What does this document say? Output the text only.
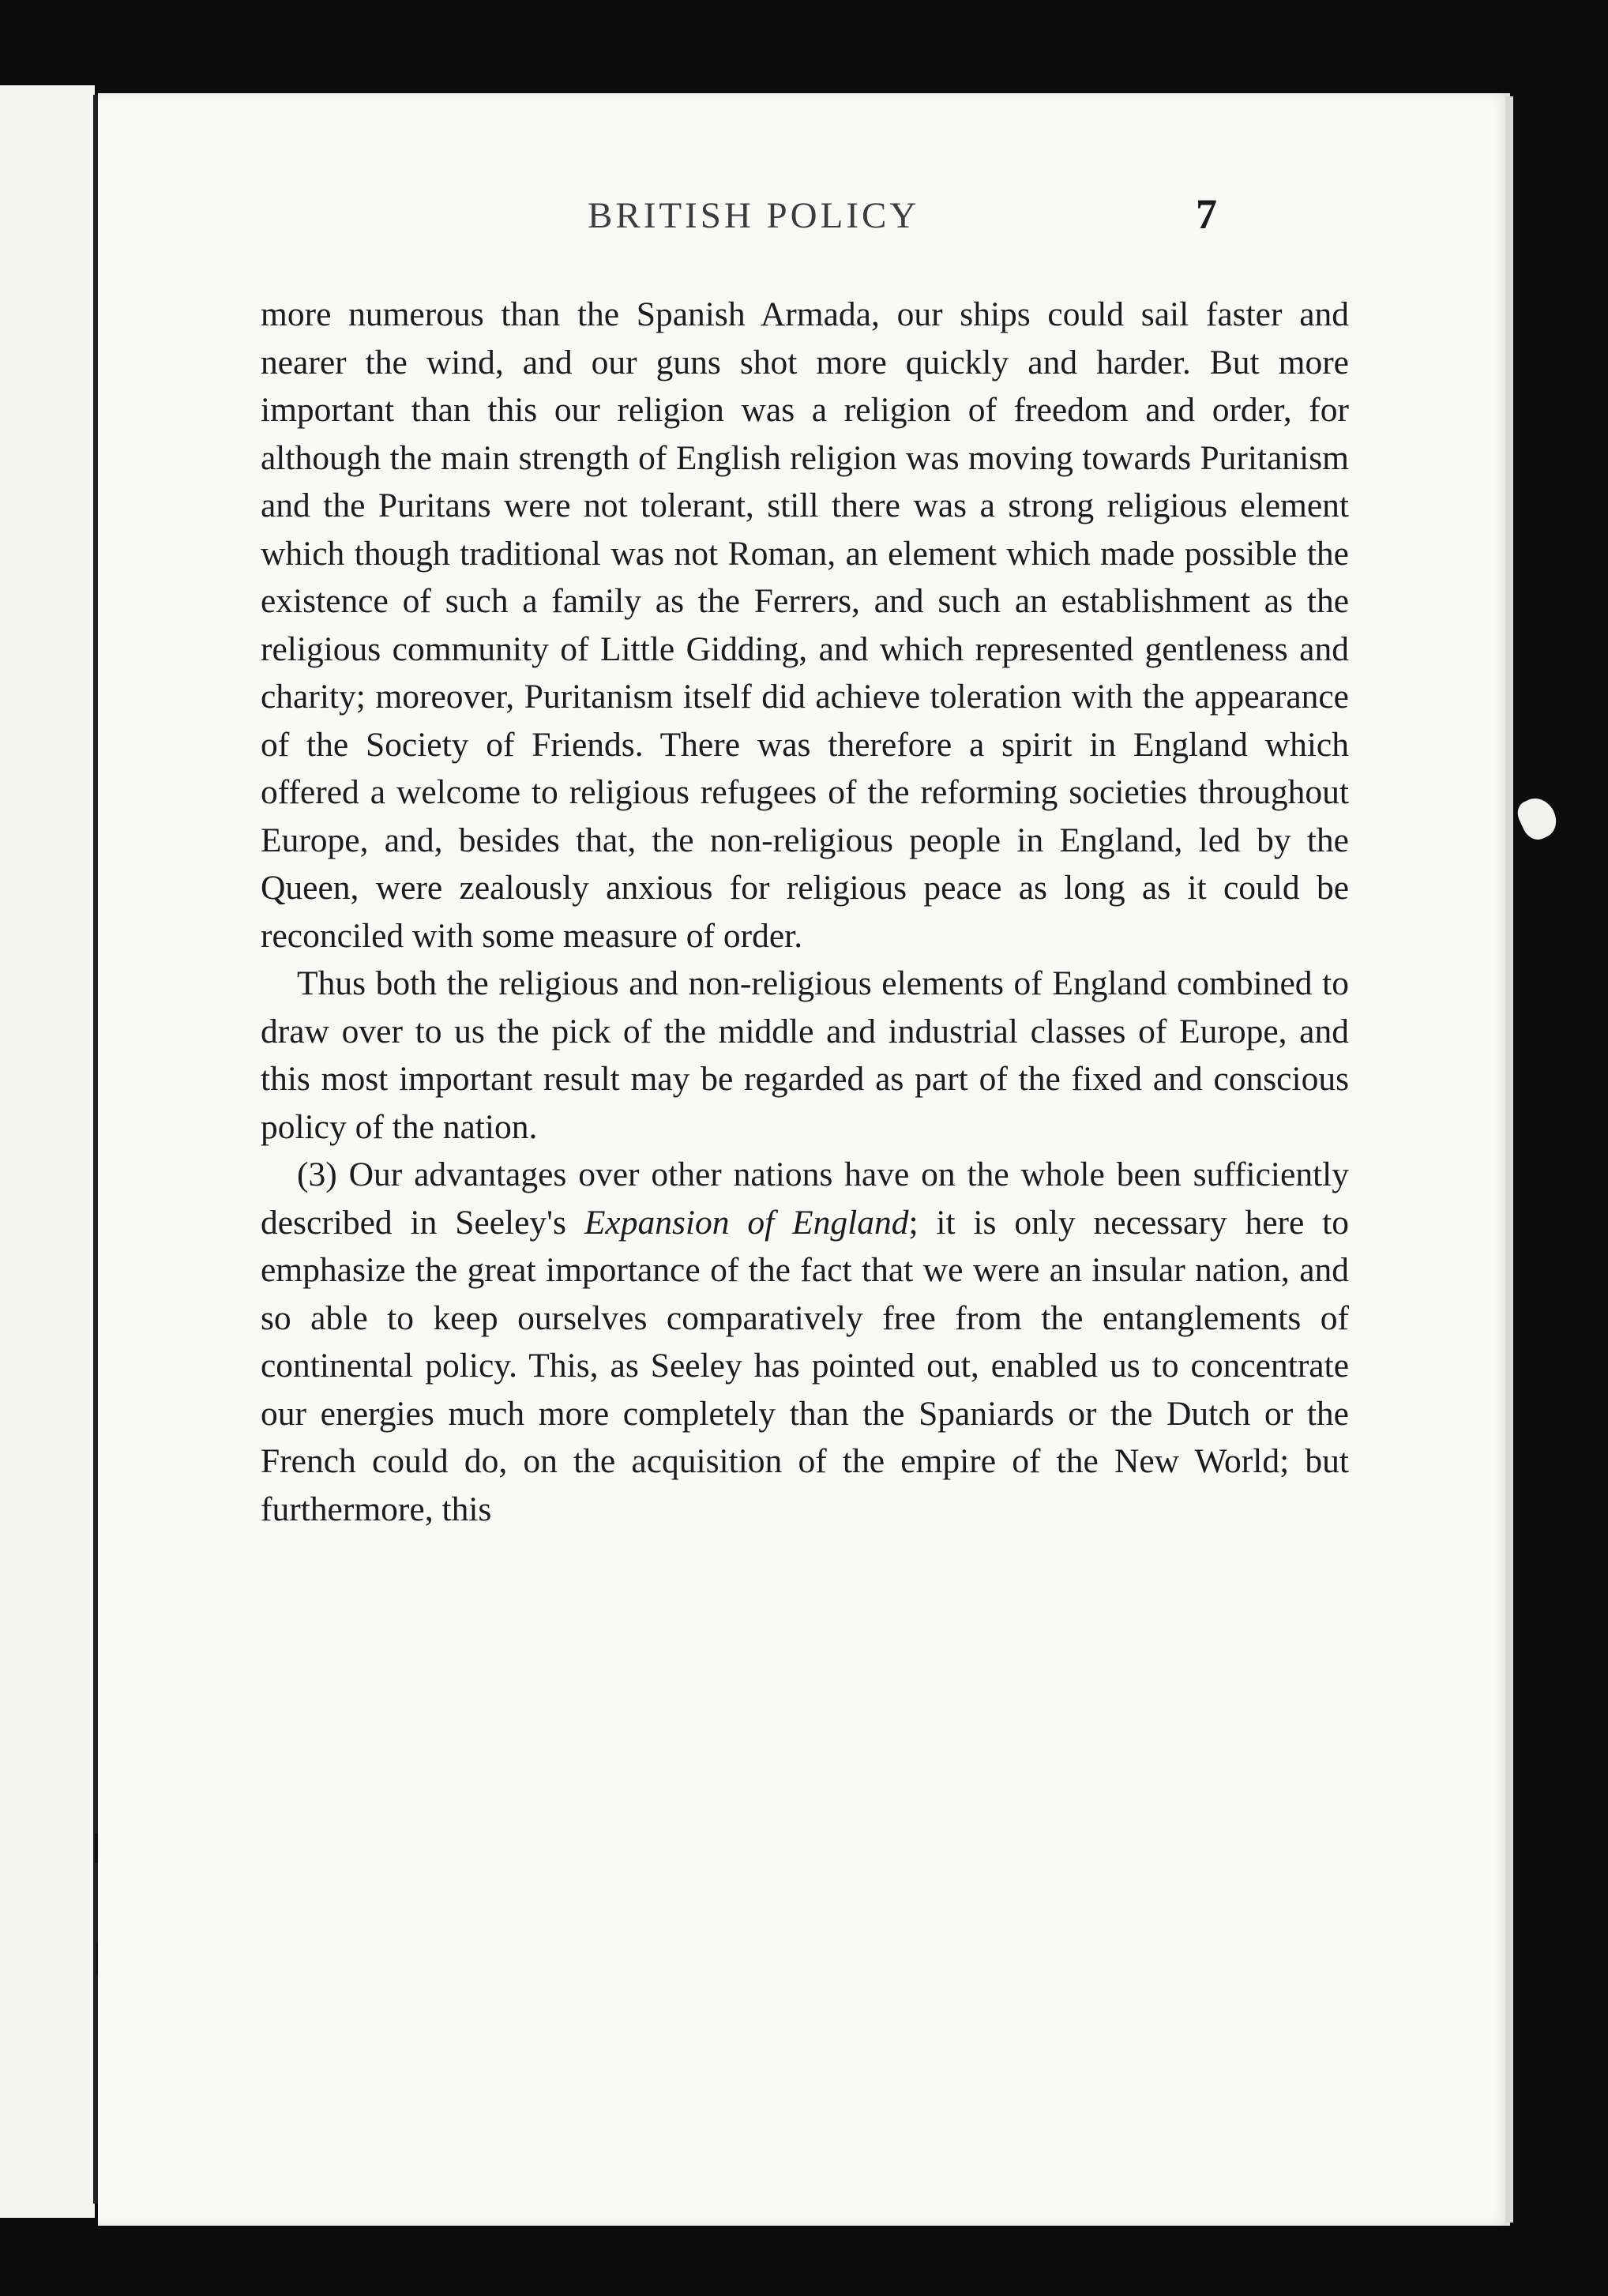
BRITISH POLICY	7

more numerous than the Spanish Armada, our ships could sail faster and nearer the wind, and our guns shot more quickly and harder. But more important than this our religion was a religion of freedom and order, for although the main strength of English religion was moving towards Puritanism and the Puritans were not tolerant, still there was a strong religious element which though traditional was not Roman, an element which made possible the existence of such a family as the Ferrers, and such an establishment as the religious community of Little Gidding, and which represented gentleness and charity; moreover, Puritanism itself did achieve toleration with the appearance of the Society of Friends. There was therefore a spirit in England which offered a welcome to religious refugees of the reforming societies throughout Europe, and, besides that, the non-religious people in England, led by the Queen, were zealously anxious for religious peace as long as it could be reconciled with some measure of order.

Thus both the religious and non-religious elements of England combined to draw over to us the pick of the middle and industrial classes of Europe, and this most important result may be regarded as part of the fixed and conscious policy of the nation.

(3) Our advantages over other nations have on the whole been sufficiently described in Seeley's Expansion of England; it is only necessary here to emphasize the great importance of the fact that we were an insular nation, and so able to keep ourselves comparatively free from the entanglements of continental policy. This, as Seeley has pointed out, enabled us to concentrate our energies much more completely than the Spaniards or the Dutch or the French could do, on the acquisition of the empire of the New World; but furthermore, this
